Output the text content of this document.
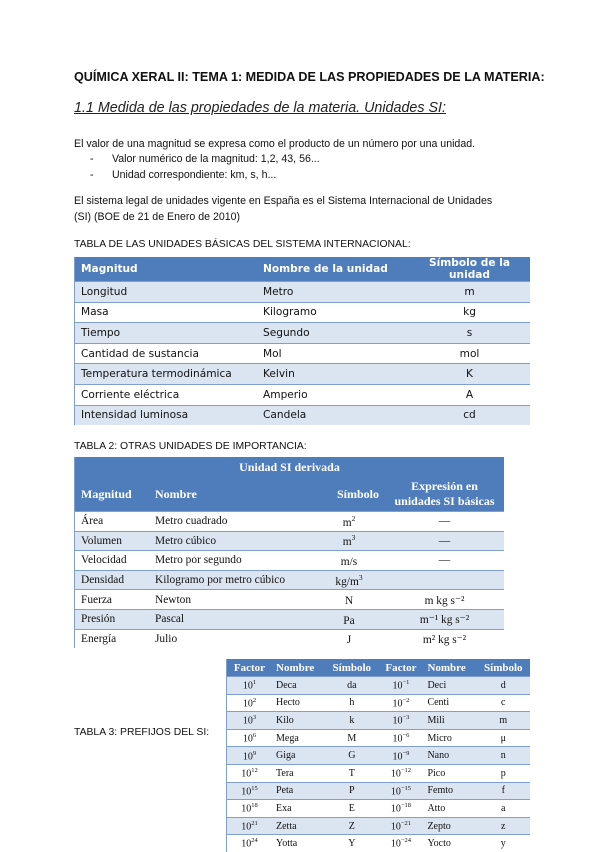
QUÍMICA XERAL II: TEMA 1: MEDIDA DE LAS PROPIEDADES DE LA MATERIA:
1.1 Medida de las propiedades de la materia. Unidades SI:
El valor de una magnitud se expresa como el producto de un número por una unidad.
-	Valor numérico de la magnitud: 1,2, 43, 56...
-	Unidad correspondiente: km, s, h...
El sistema legal de unidades vigente en España es el Sistema Internacional de Unidades
(SI) (BOE de 21 de Enero de 2010)
TABLA DE LAS UNIDADES BÁSICAS DEL SISTEMA INTERNACIONAL:
Magnitud	Nombre de la unidad	Símbolo de la unidad
Longitud	Metro	m
Masa	Kilogramo	kg
Tiempo	Segundo	s
Cantidad de sustancia	Mol	mol
Temperatura termodinámica	Kelvin	K
Corriente eléctrica	Amperio	A
Intensidad luminosa	Candela	cd
TABLA 2: OTRAS UNIDADES DE IMPORTANCIA:
Unidad SI derivada			
Magnitud	Nombre	Símbolo	Expresión en unidades SI básicas
Área	Metro cuadrado	$m^2$	—
Volumen	Metro cúbico	$m^3$	—
Velocidad	Metro por segundo	m/s	—
Densidad	Kilogramo por metro cúbico	$kg/m^3$	
Fuerza	Newton	N	m kg s⁻²
Presión	Pascal	Pa	m⁻¹ kg s⁻²
Energía	Julio	J	m² kg s⁻²
TABLA 3: PREFIJOS DEL SI:
Factor	Nombre	Símbolo	Factor	Nombre	Símbolo
$10^1$	Deca	da	$10^{-1}$	Deci	d
$10^2$	Hecto	h	$10^{-2}$	Centi	c
$10^3$	Kilo	k	$10^{-3}$	Mili	m
$10^6$	Mega	M	$10^{-6}$	Micro	μ
$10^9$	Giga	G	$10^{-9}$	Nano	n
$10^{12}$	Tera	T	$10^{-12}$	Pico	p
$10^{15}$	Peta	P	$10^{-15}$	Femto	f
$10^{18}$	Exa	E	$10^{-18}$	Atto	a
$10^{21}$	Zetta	Z	$10^{-21}$	Zepto	z
$10^{24}$	Yotta	Y	$10^{-24}$	Yocto	y
